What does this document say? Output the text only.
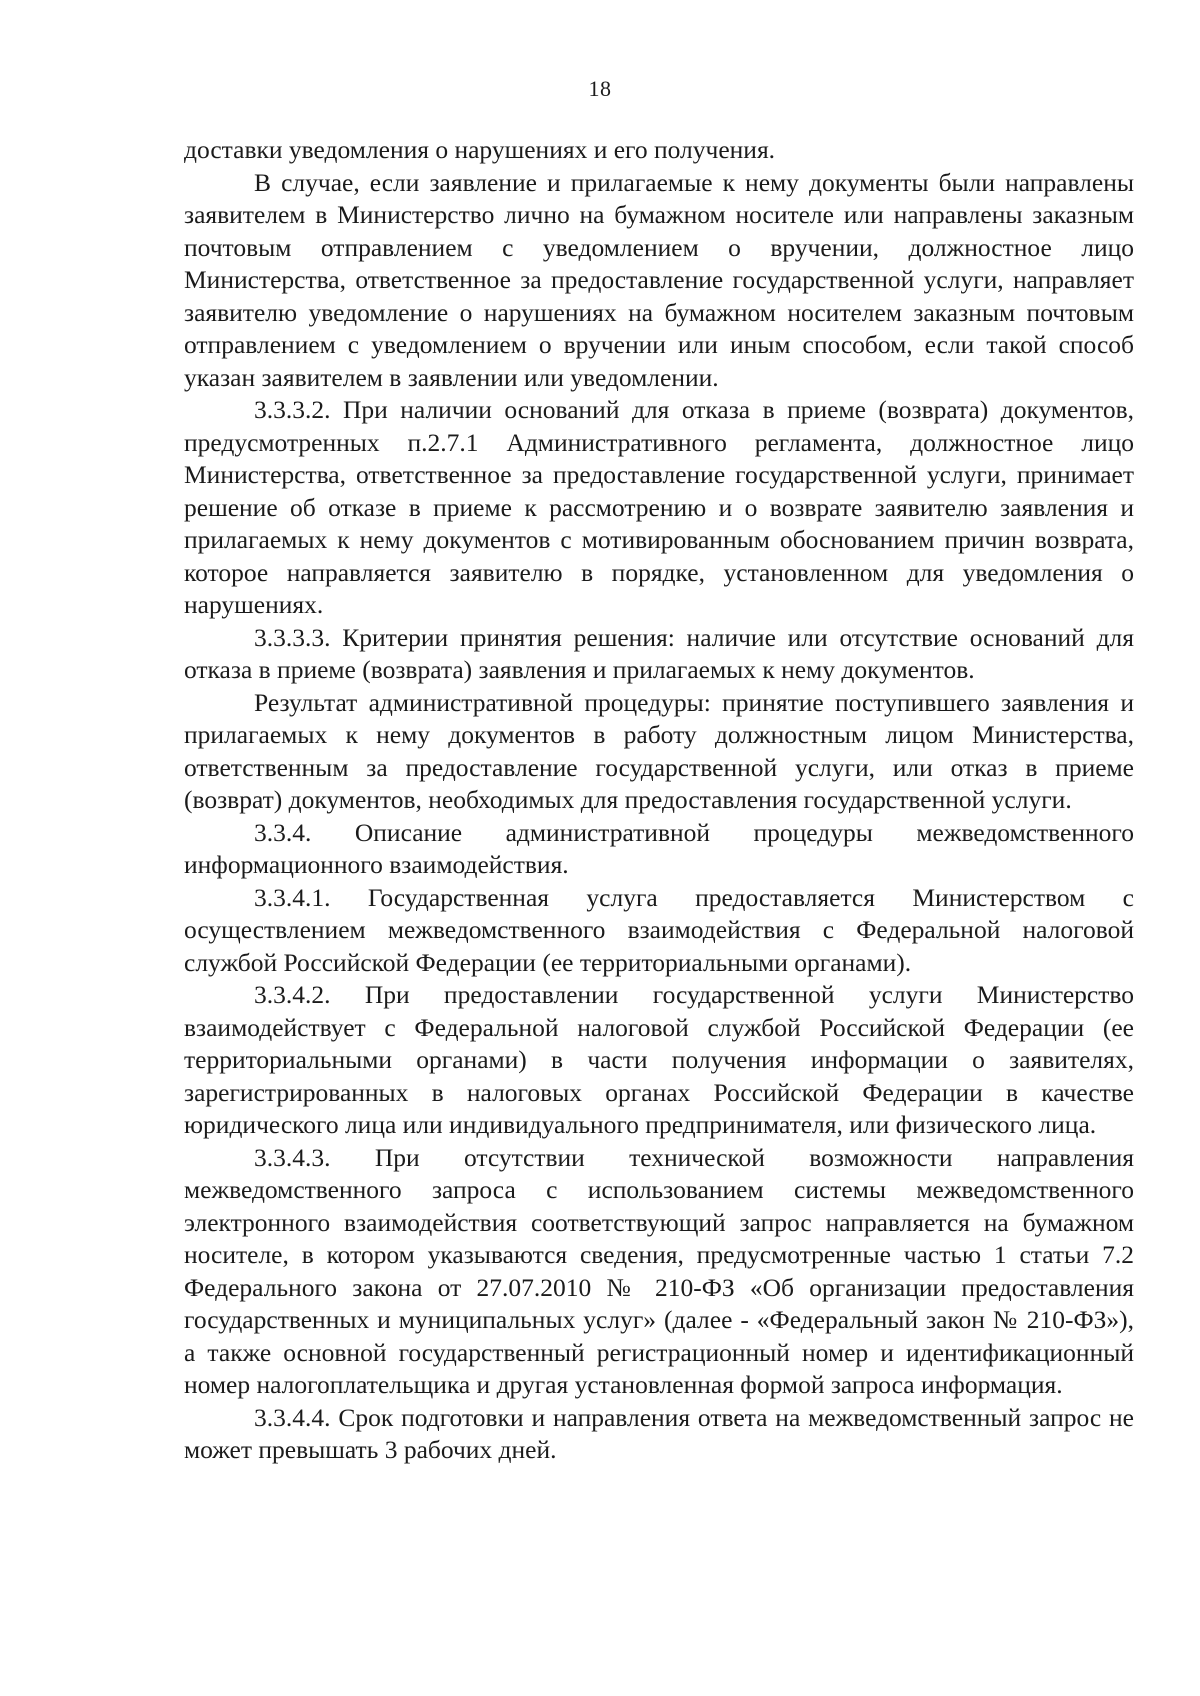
18

доставки уведомления о нарушениях и его получения.

В случае, если заявление и прилагаемые к нему документы были направлены заявителем в Министерство лично на бумажном носителе или направлены заказным почтовым отправлением с уведомлением о вручении, должностное лицо Министерства, ответственное за предоставление государственной услуги, направляет заявителю уведомление о нарушениях на бумажном носителем заказным почтовым отправлением с уведомлением о вручении или иным способом, если такой способ указан заявителем в заявлении или уведомлении.

3.3.3.2. При наличии оснований для отказа в приеме (возврата) документов, предусмотренных п.2.7.1 Административного регламента, должностное лицо Министерства, ответственное за предоставление государственной услуги, принимает решение об отказе в приеме к рассмотрению и о возврате заявителю заявления и прилагаемых к нему документов с мотивированным обоснованием причин возврата, которое направляется заявителю в порядке, установленном для уведомления о нарушениях.

3.3.3.3. Критерии принятия решения: наличие или отсутствие оснований для отказа в приеме (возврата) заявления и прилагаемых к нему документов.

Результат административной процедуры: принятие поступившего заявления и прилагаемых к нему документов в работу должностным лицом Министерства, ответственным за предоставление государственной услуги, или отказ в приеме (возврат) документов, необходимых для предоставления государственной услуги.

3.3.4. Описание административной процедуры межведомственного информационного взаимодействия.

3.3.4.1. Государственная услуга предоставляется Министерством с осуществлением межведомственного взаимодействия с Федеральной налоговой службой Российской Федерации (ее территориальными органами).

3.3.4.2. При предоставлении государственной услуги Министерство взаимодействует с Федеральной налоговой службой Российской Федерации (ее территориальными органами) в части получения информации о заявителях, зарегистрированных в налоговых органах Российской Федерации в качестве юридического лица или индивидуального предпринимателя, или физического лица.

3.3.4.3. При отсутствии технической возможности направления межведомственного запроса с использованием системы межведомственного электронного взаимодействия соответствующий запрос направляется на бумажном носителе, в котором указываются сведения, предусмотренные частью 1 статьи 7.2 Федерального закона от 27.07.2010 № 210-ФЗ «Об организации предоставления государственных и муниципальных услуг» (далее - «Федеральный закон № 210-ФЗ»), а также основной государственный регистрационный номер и идентификационный номер налогоплательщика и другая установленная формой запроса информация.

3.3.4.4. Срок подготовки и направления ответа на межведомственный запрос не может превышать 3 рабочих дней.
